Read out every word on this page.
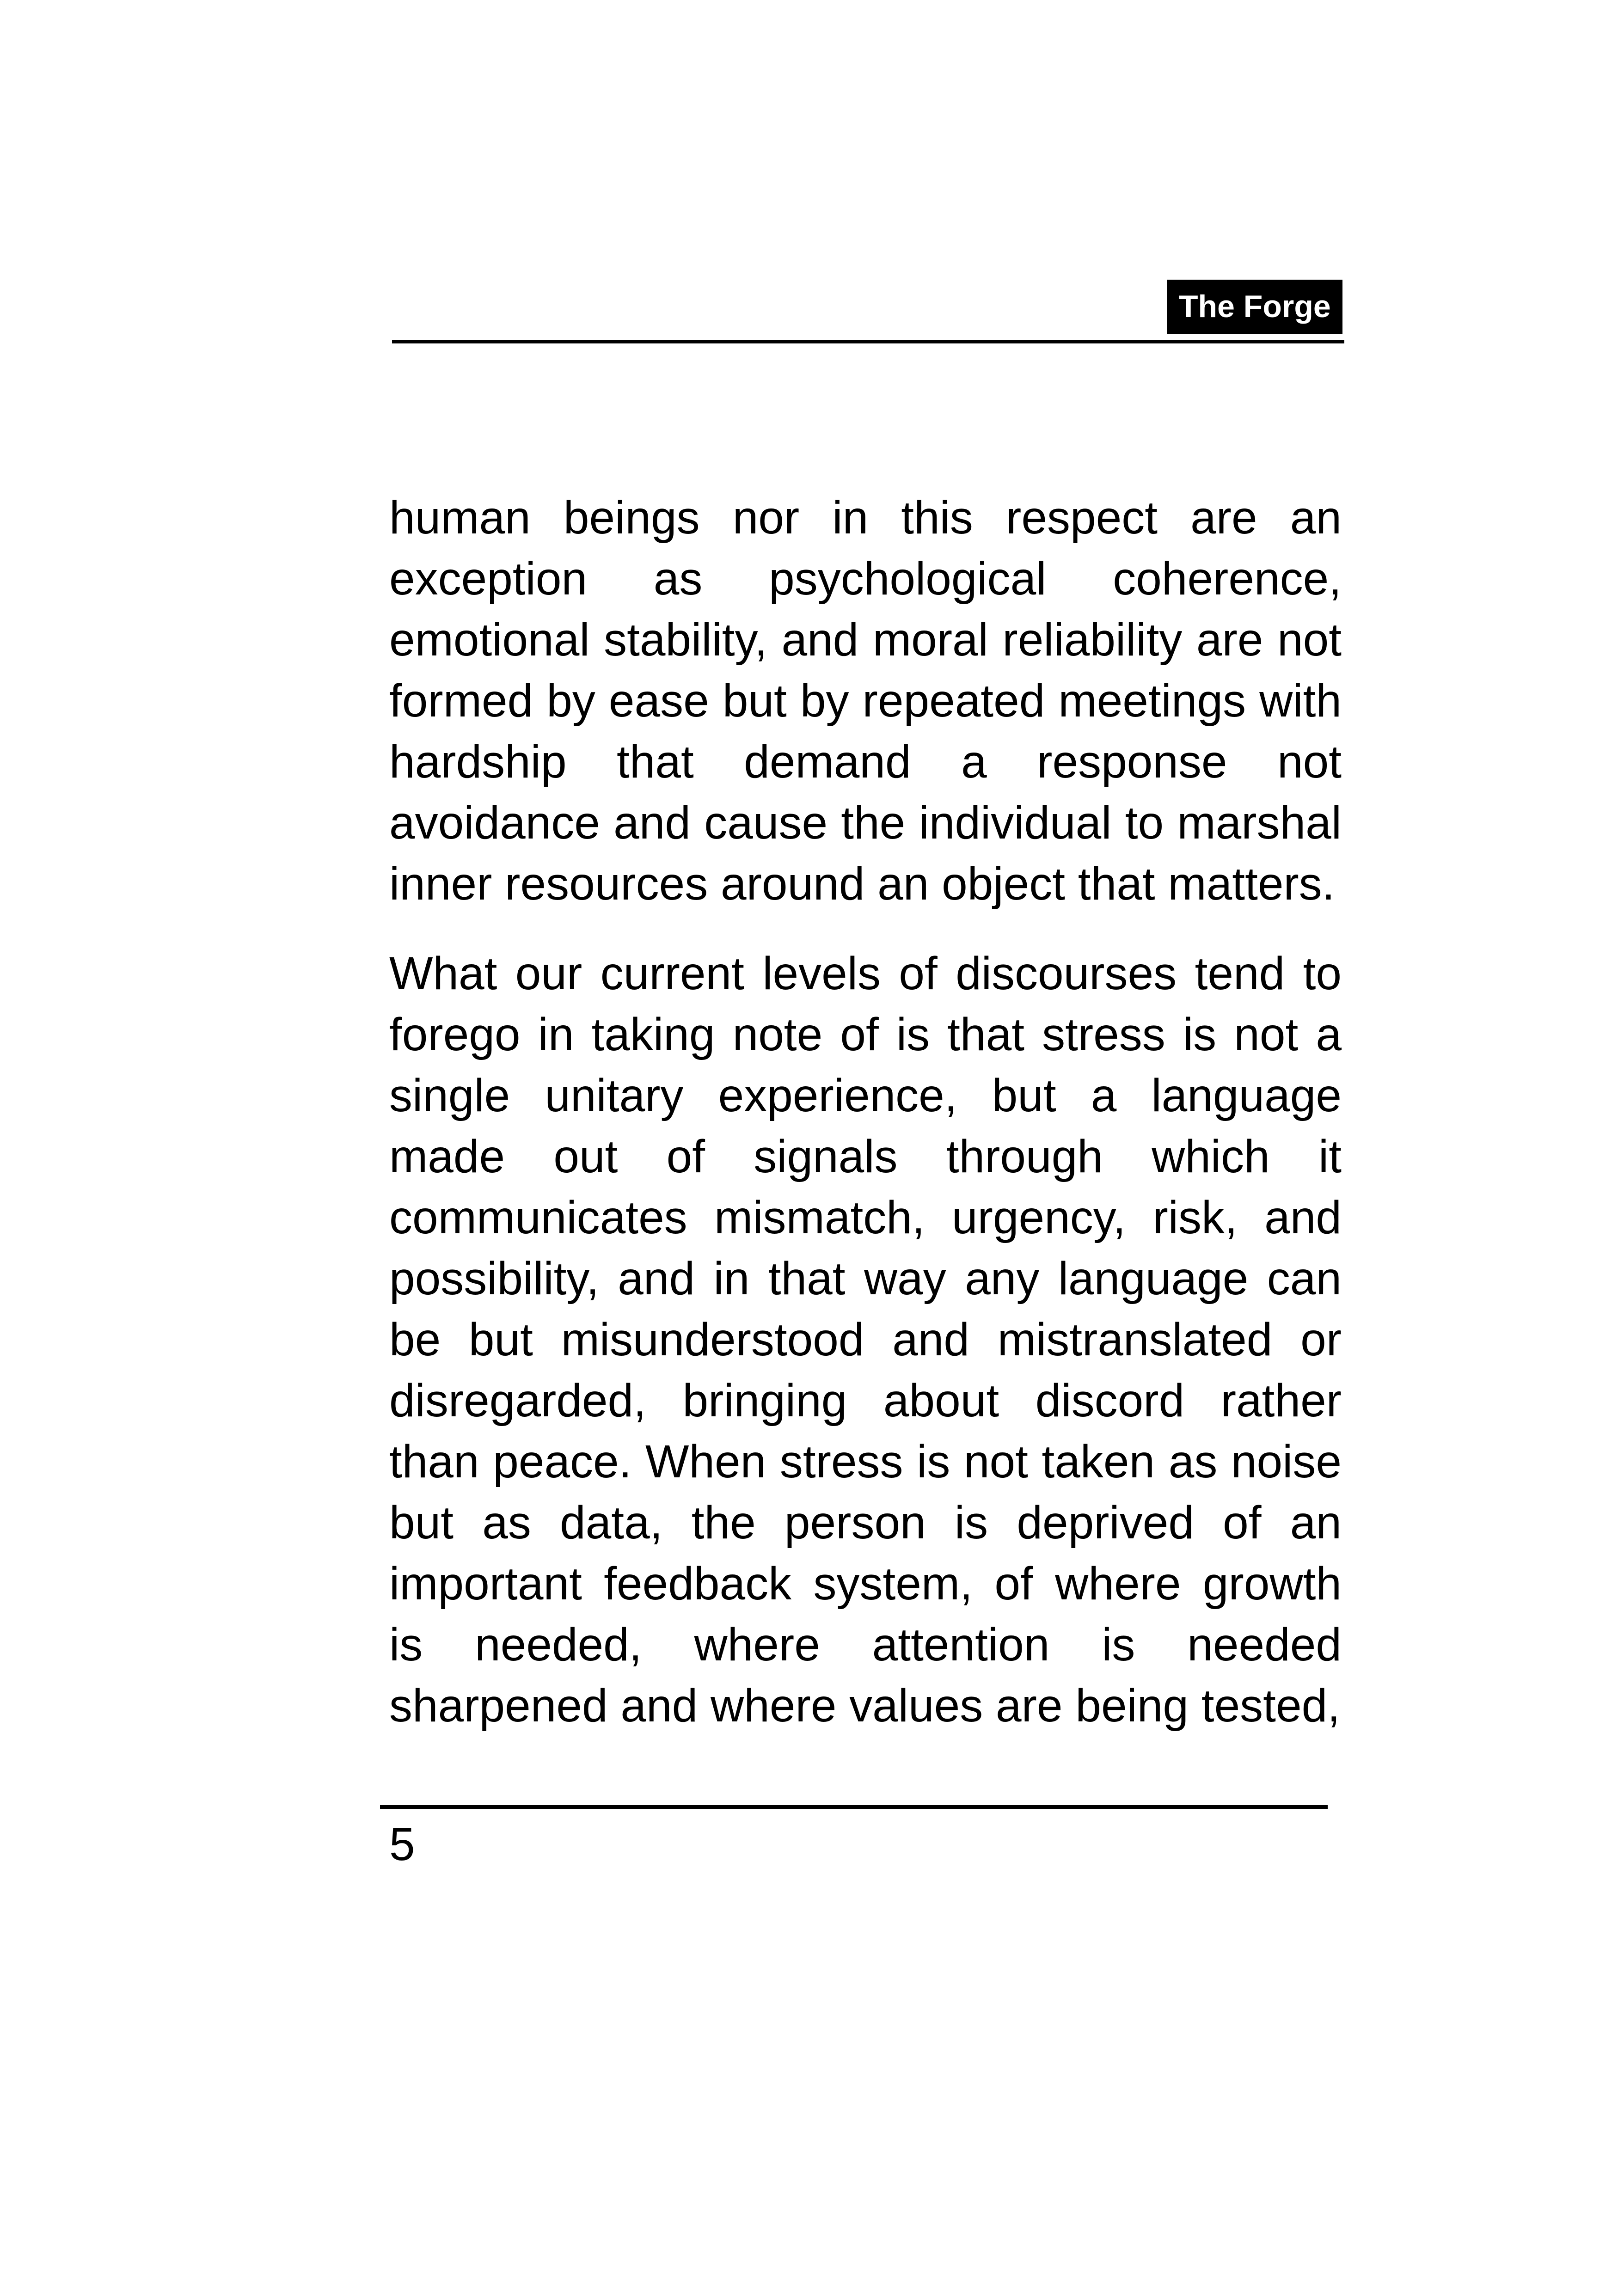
The Forge

human beings nor in this respect are an exception as psychological coherence, emotional stability, and moral reliability are not formed by ease but by repeated meetings with hardship that demand a response not avoidance and cause the individual to marshal inner resources around an object that matters.

What our current levels of discourses tend to forego in taking note of is that stress is not a single unitary experience, but a language made out of signals through which it communicates mismatch, urgency, risk, and possibility, and in that way any language can be but misunderstood and mistranslated or disregarded, bringing about discord rather than peace. When stress is not taken as noise but as data, the person is deprived of an important feedback system, of where growth is needed, where attention is needed sharpened and where values are being tested,

5
